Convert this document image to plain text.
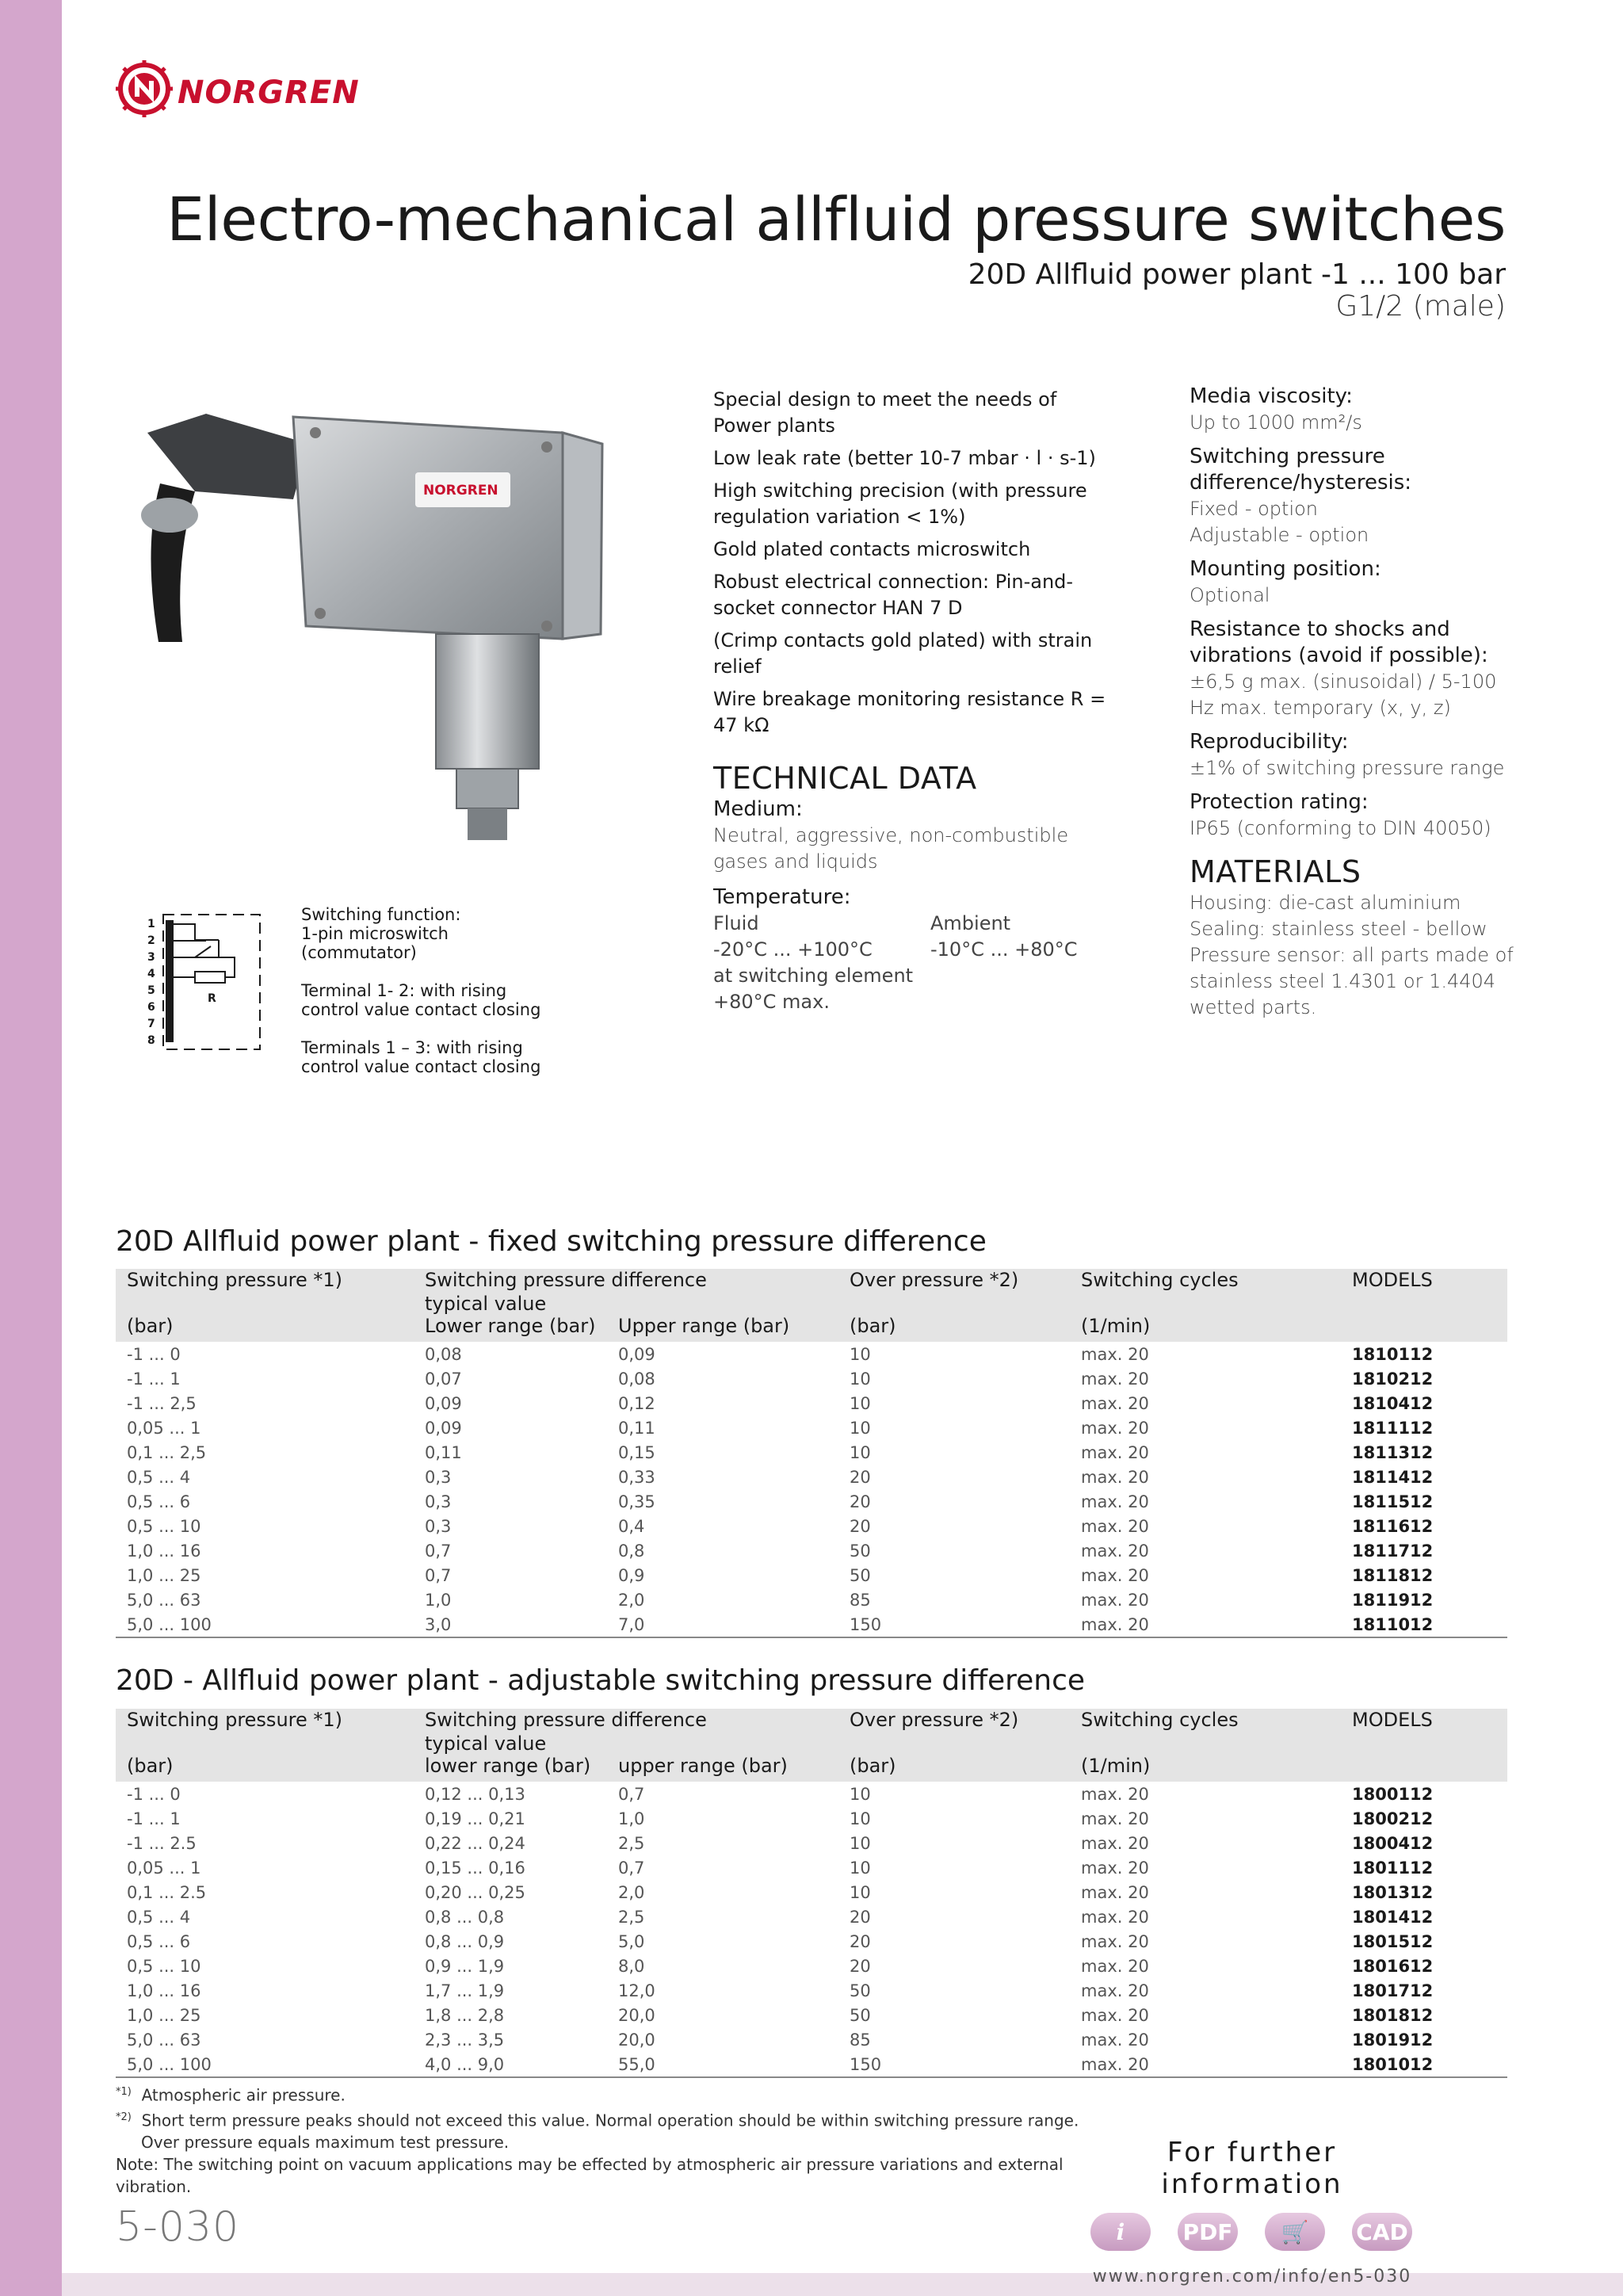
NORGREN
Electro-mechanical allfluid pressure switches
20D Allfluid power plant -1 ... 100 bar
G1/2 (male)
NORGREN
1
2
3
4
5
6
7
8
R

Switching function:
1-pin microswitch
(commutator)

Terminal 1- 2: with rising
control value contact closing

Terminals 1 – 3: with rising
control value contact closing

Special design to meet the needs of Power plants
Low leak rate (better 10-7 mbar · l · s-1)
High switching precision (with pressure regulation variation < 1%)
Gold plated contacts microswitch
Robust electrical connection: Pin-and-socket connector HAN 7 D
(Crimp contacts gold plated) with strain relief
Wire breakage monitoring resistance R = 47 kΩ
TECHNICAL DATA
Medium:
Neutral, aggressive, non-combustible gases and liquids
Temperature:
Fluid	Ambient
-20°C ... +100°C	-10°C ... +80°C
at switching element
+80°C max.
Media viscosity:
Up to 1000 mm²/s
Switching pressure difference/hysteresis:
Fixed - option
Adjustable - option
Mounting position:
Optional
Resistance to shocks and vibrations (avoid if possible):
±6,5 g max. (sinusoidal) / 5-100 Hz max. temporary (x, y, z)
Reproducibility:
±1% of switching pressure range
Protection rating:
IP65 (conforming to DIN 40050)
MATERIALS
Housing: die-cast aluminium
Sealing: stainless steel - bellow
Pressure sensor: all parts made of stainless steel 1.4301 or 1.4404 wetted parts.
20D Allfluid power plant - fixed switching pressure difference
Switching pressure *1)	Switching pressure difference
typical value
Over pressure *2)	Switching cycles	MODELS
(bar)	Lower range (bar) Upper range (bar)	(bar)	(1/min)
-1 ... 0	0,08	0,09	10	max. 20	1810112
-1 ... 1	0,07	0,08	10	max. 20	1810212
-1 ... 2,5	0,09	0,12	10	max. 20	1810412
0,05 ... 1	0,09	0,11	10	max. 20	1811112
0,1 ... 2,5	0,11	0,15	10	max. 20	1811312
0,5 ... 4	0,3	0,33	20	max. 20	1811412
0,5 ... 6	0,3	0,35	20	max. 20	1811512
0,5 ... 10	0,3	0,4	20	max. 20	1811612
1,0 ... 16	0,7	0,8	50	max. 20	1811712
1,0 ... 25	0,7	0,9	50	max. 20	1811812
5,0 ... 63	1,0	2,0	85	max. 20	1811912
5,0 ... 100	3,0	7,0	150	max. 20	1811012
20D - Allfluid power plant - adjustable switching pressure difference
Switching pressure *1)	Switching pressure difference
typical value
Over pressure *2)	Switching cycles	MODELS
(bar)	lower range (bar) upper range (bar)	(bar)	(1/min)
-1 ... 0	0,12 ... 0,13	0,7	10	max. 20	1800112
-1 ... 1	0,19 ... 0,21	1,0	10	max. 20	1800212
-1 ... 2.5	0,22 ... 0,24	2,5	10	max. 20	1800412
0,05 ... 1	0,15 ... 0,16	0,7	10	max. 20	1801112
0,1 ... 2.5	0,20 ... 0,25	2,0	10	max. 20	1801312
0,5 ... 4	0,8 ... 0,8	2,5	20	max. 20	1801412
0,5 ... 6	0,8 ... 0,9	5,0	20	max. 20	1801512
0,5 ... 10	0,9 ... 1,9	8,0	20	max. 20	1801612
1,0 ... 16	1,7 ... 1,9	12,0	50	max. 20	1801712
1,0 ... 25	1,8 ... 2,8	20,0	50	max. 20	1801812
5,0 ... 63	2,3 ... 3,5	20,0	85	max. 20	1801912
5,0 ... 100	4,0 ... 9,0	55,0	150	max. 20	1801012
$^{*1)}$ Atmospheric air pressure.
$^{*2)}$ Short term pressure peaks should not exceed this value. Normal operation should be within switching pressure range.
Over pressure equals maximum test pressure.
Note: The switching point on vacuum applications may be effected by atmospheric air pressure variations and external vibration.
5-030
For further information
i	PDF	🛒	CAD
www.norgren.com/info/en5-030
